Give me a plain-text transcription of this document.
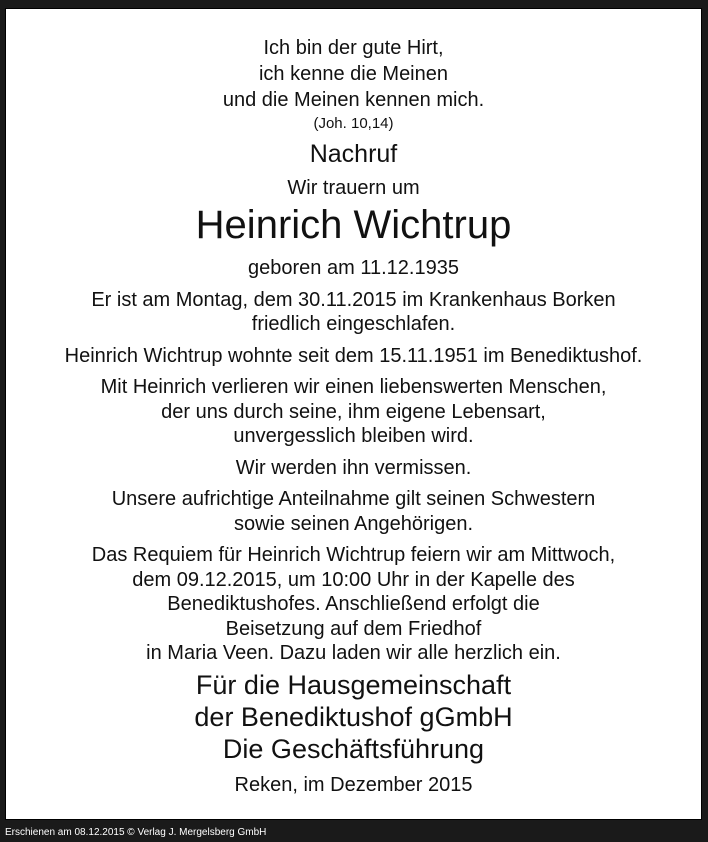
Ich bin der gute Hirt,
ich kenne die Meinen
und die Meinen kennen mich.
(Joh. 10,14)
Nachruf
Wir trauern um
Heinrich Wichtrup
geboren am 11.12.1935
Er ist am Montag, dem 30.11.2015 im Krankenhaus Borken
friedlich eingeschlafen.
Heinrich Wichtrup wohnte seit dem 15.11.1951 im Benediktushof.
Mit Heinrich verlieren wir einen liebenswerten Menschen,
der uns durch seine, ihm eigene Lebensart,
unvergesslich bleiben wird.
Wir werden ihn vermissen.
Unsere aufrichtige Anteilnahme gilt seinen Schwestern
sowie seinen Angehörigen.
Das Requiem für Heinrich Wichtrup feiern wir am Mittwoch,
dem 09.12.2015, um 10:00 Uhr in der Kapelle des
Benediktushofes. Anschließend erfolgt die
Beisetzung auf dem Friedhof
in Maria Veen. Dazu laden wir alle herzlich ein.
Für die Hausgemeinschaft
der Benediktushof gGmbH
Die Geschäftsführung
Reken, im Dezember 2015
Erschienen am 08.12.2015 © Verlag J. Mergelsberg GmbH
